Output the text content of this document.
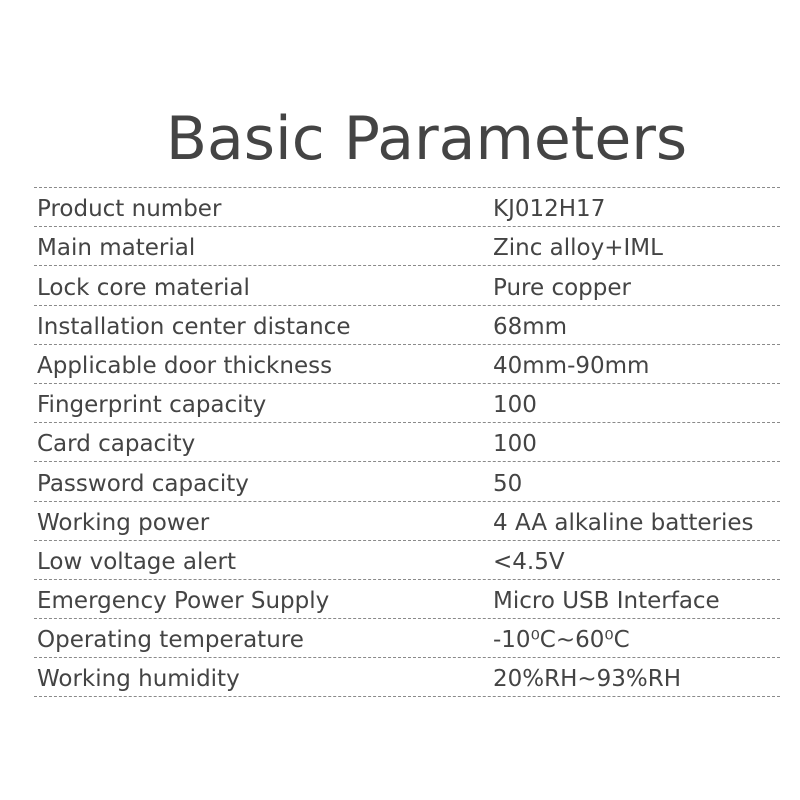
Basic Parameters
Product number	KJ012H17
Main material	Zinc alloy+IML
Lock core material	Pure copper
Installation center distance	68mm
Applicable door thickness	40mm-90mm
Fingerprint capacity	100
Card capacity	100
Password capacity	50
Working power	4 AA alkaline batteries
Low voltage alert	<4.5V
Emergency Power Supply	Micro USB Interface
Operating temperature	-10⁰C~60⁰C
Working humidity	20%RH~93%RH
